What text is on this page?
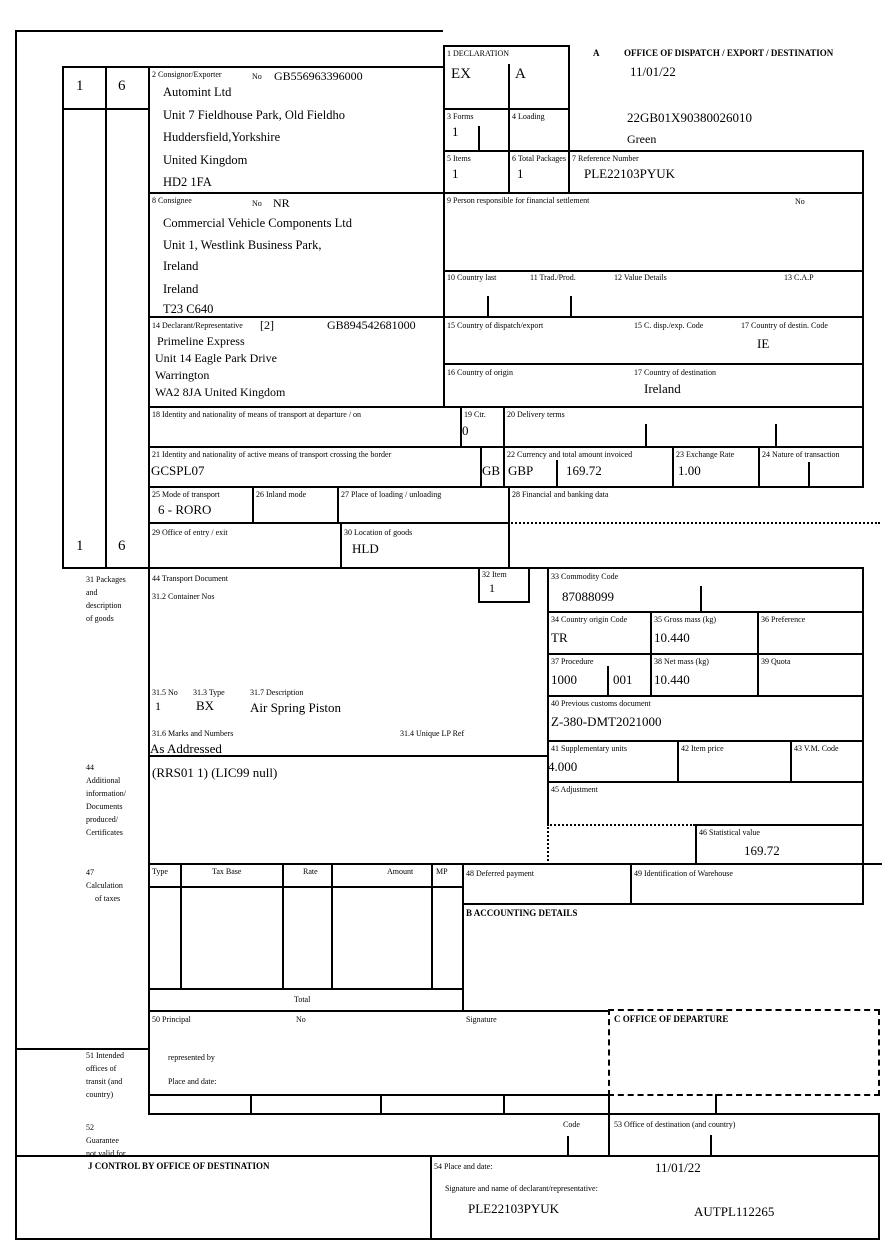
1 6
1 6
1 DECLARATION
EX	A
A	OFFICE OF DISPATCH / EXPORT / DESTINATION
11/01/22
22GB01X90380026010
Green
2 Consignor/Exporter	No GB556963396000
Automint Ltd
Unit 7 Fieldhouse Park, Old Fieldho
Huddersfield,Yorkshire
United Kingdom
HD2 1FA
3 Forms
1
4 Loading
5 Items
1
6 Total Packages
1
7 Reference Number
PLE22103PYUK
8 Consignee	No NR
Commercial Vehicle Components Ltd
Unit 1, Westlink Business Park,
Ireland
Ireland
T23 C640
9 Person responsible for financial settlement	No
10 Country last	11 Trad./Prod.	12 Value Details	13 C.A.P
14 Declarant/Representative [2]	GB894542681000
Primeline Express
Unit 14 Eagle Park Drive
Warrington
WA2 8JA United Kingdom
15 Country of dispatch/export	15 C. disp./exp. Code	17 Country of destin. Code
IE
16 Country of origin	17 Country of destination
Ireland
18 Identity and nationality of means of transport at departure / on	19 Ctr.
0
20 Delivery terms
21 Identity and nationality of active means of transport crossing the border
GCSPL07	GB
22 Currency and total amount invoiced
GBP	169.72
23 Exchange Rate
1.00
24 Nature of transaction
25 Mode of transport
6 - RORO
26 Inland mode	27 Place of loading / unloading	28 Financial and banking data
29 Office of entry / exit	30 Location of goods
HLD
31 Packages
and
description
of goods
44 Transport Document
31.2 Container Nos
32 Item
1
33 Commodity Code
87088099
34 Country origin Code
TR
35 Gross mass (kg)
10.440
36 Preference
37 Procedure
1000	001
38 Net mass (kg)
10.440
39 Quota
40 Previous customs document
Z-380-DMT2021000
41 Supplementary units
4.000
42 Item price	43 V.M. Code
45 Adjustment
46 Statistical value
169.72
31.5 No
1
31.3 Type
BX
31.7 Description
Air Spring Piston
31.6 Marks and Numbers
As Addressed
31.4 Unique LP Ref
44
Additional
information/
Documents
produced/
Certificates
(RRS01 1) (LIC99 null)
47
Calculation
of taxes
Type	Tax Base	Rate	Amount	MP
Total
48 Deferred payment	49 Identification of Warehouse
B ACCOUNTING DETAILS
50 Principal	No	Signature	C OFFICE OF DEPARTURE
represented by
Place and date:
51 Intended
offices of
transit (and
country)
52
Guarantee
not valid for
J CONTROL BY OFFICE OF DESTINATION
Code	53 Office of destination (and country)
54 Place and date:	11/01/22
Signature and name of declarant/representative:
PLE22103PYUK	AUTPL112265
